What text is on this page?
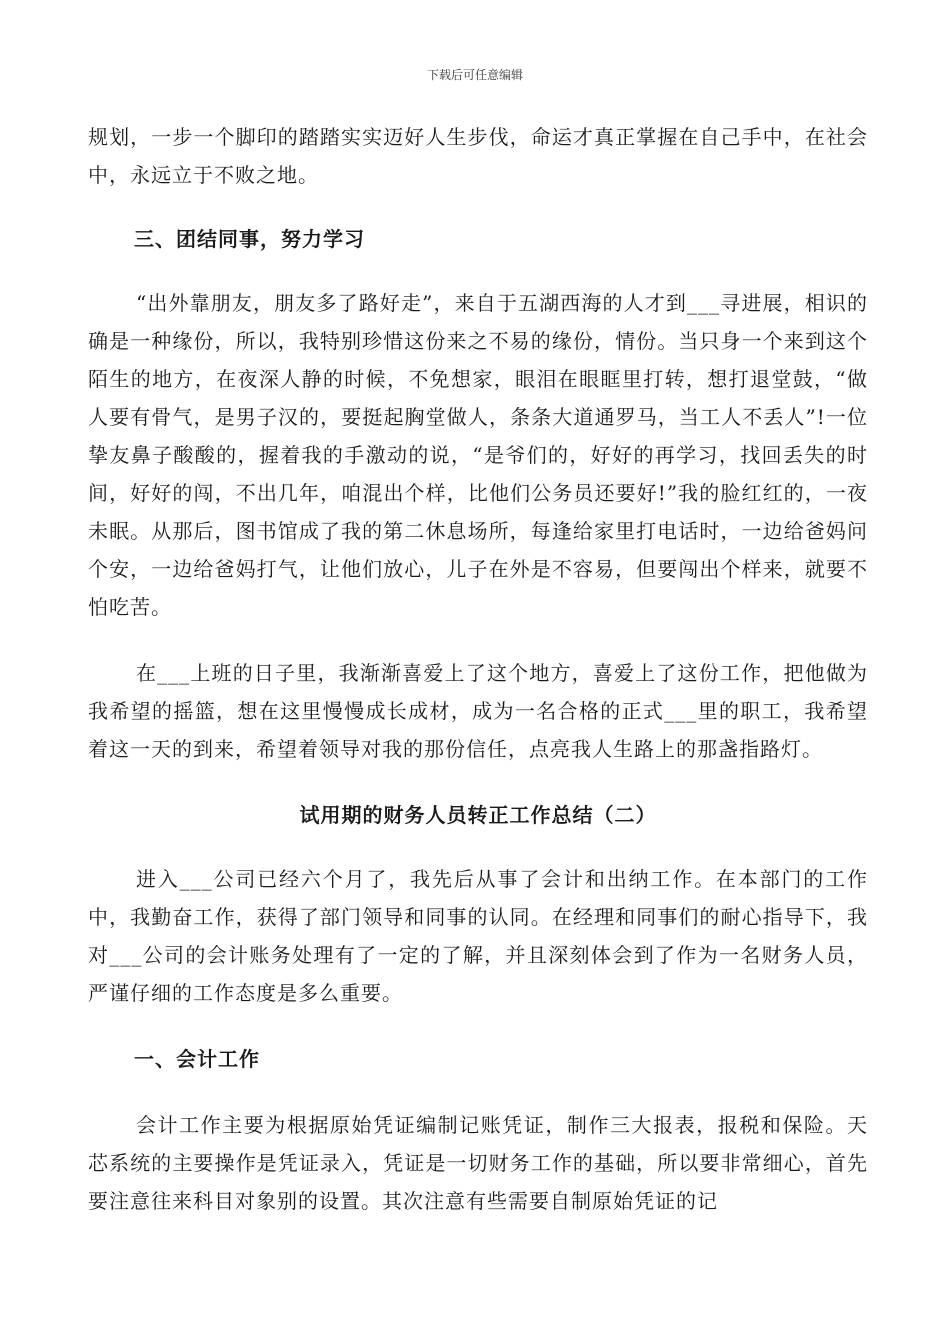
下载后可任意编辑

规划，一步一个脚印的踏踏实实迈好人生步伐，命运才真正掌握在自己手中，在社会中，永远立于不败之地。

三、团结同事，努力学习

“出外靠朋友，朋友多了路好走”，来自于五湖西海的人才到___寻进展，相识的确是一种缘份，所以，我特别珍惜这份来之不易的缘份，情份。当只身一个来到这个陌生的地方，在夜深人静的时候，不免想家，眼泪在眼眶里打转，想打退堂鼓，“做人要有骨气，是男子汉的，要挺起胸堂做人，条条大道通罗马，当工人不丢人”!一位挚友鼻子酸酸的，握着我的手激动的说，“是爷们的，好好的再学习，找回丢失的时间，好好的闯，不出几年，咱混出个样，比他们公务员还要好!”我的脸红红的，一夜未眠。从那后，图书馆成了我的第二休息场所，每逢给家里打电话时，一边给爸妈问个安，一边给爸妈打气，让他们放心，儿子在外是不容易，但要闯出个样来，就要不怕吃苦。

在___上班的日子里，我渐渐喜爱上了这个地方，喜爱上了这份工作，把他做为我希望的摇篮，想在这里慢慢成长成材，成为一名合格的正式___里的职工，我希望着这一天的到来，希望着领导对我的那份信任，点亮我人生路上的那盏指路灯。

试用期的财务人员转正工作总结（二）

进入___公司已经六个月了，我先后从事了会计和出纳工作。在本部门的工作中，我勤奋工作，获得了部门领导和同事的认同。在经理和同事们的耐心指导下，我对___公司的会计账务处理有了一定的了解，并且深刻体会到了作为一名财务人员，严谨仔细的工作态度是多么重要。

一、会计工作

会计工作主要为根据原始凭证编制记账凭证，制作三大报表，报税和保险。天芯系统的主要操作是凭证录入，凭证是一切财务工作的基础，所以要非常细心，首先要注意往来科目对象别的设置。其次注意有些需要自制原始凭证的记
